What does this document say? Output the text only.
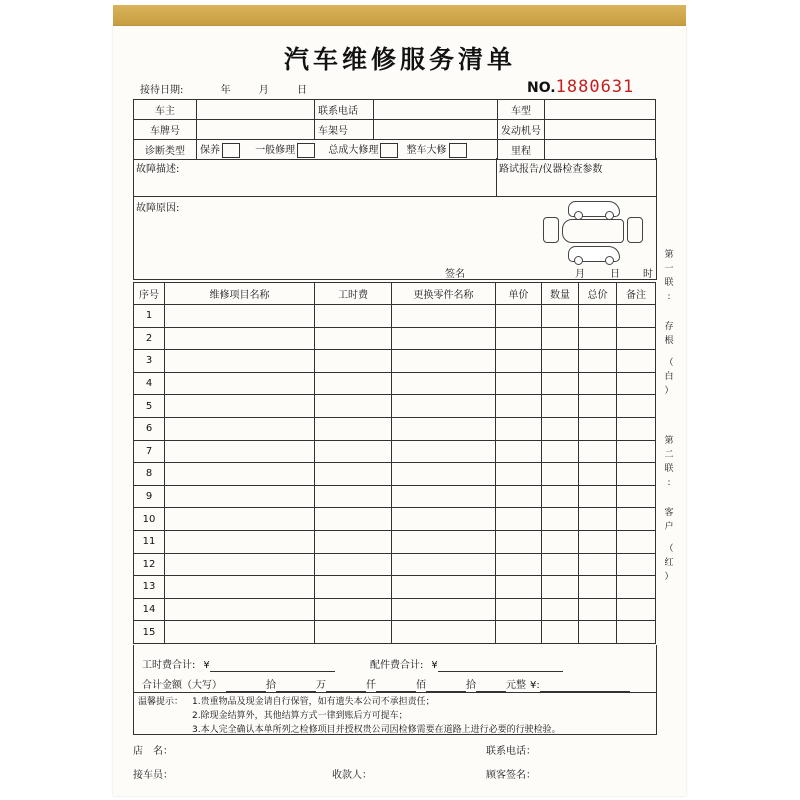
汽车维修服务清单
接待日期:	年	月	日	NO.1880631
车主		联系电话		车型	
车牌号		车架号		发动机号	
诊断类型	保养 一般修理 总成大修理 整车大修			里程	
故障描述:	路试报告/仪器检查参数
故障原因:
签名	月	日 时
序号	维修项目名称	工时费	更换零件名称	单价	数量	总价	备注
1							
2							
3							
4							
5							
6							
7							
8							
9							
10							
11							
12							
13							
14							
15							
工时费合计: ¥	配件费合计: ¥
合计金额（大写）	拾	万	仟	佰	拾	元整 ¥:
温馨提示： 1.贵重物品及现金请自行保管，如有遗失本公司不承担责任；
2.除现金结算外，其他结算方式一律到账后方可提车；
3.本人完全确认本单所列之检修项目并授权贵公司因检修需要在道路上进行必要的行驶检验。
店　名：	联系电话：
接车员：	收款人：	顾客签名：
第
一
联
:
存
根
（
白
）
第
二
联
:
客
户
（
红
）
